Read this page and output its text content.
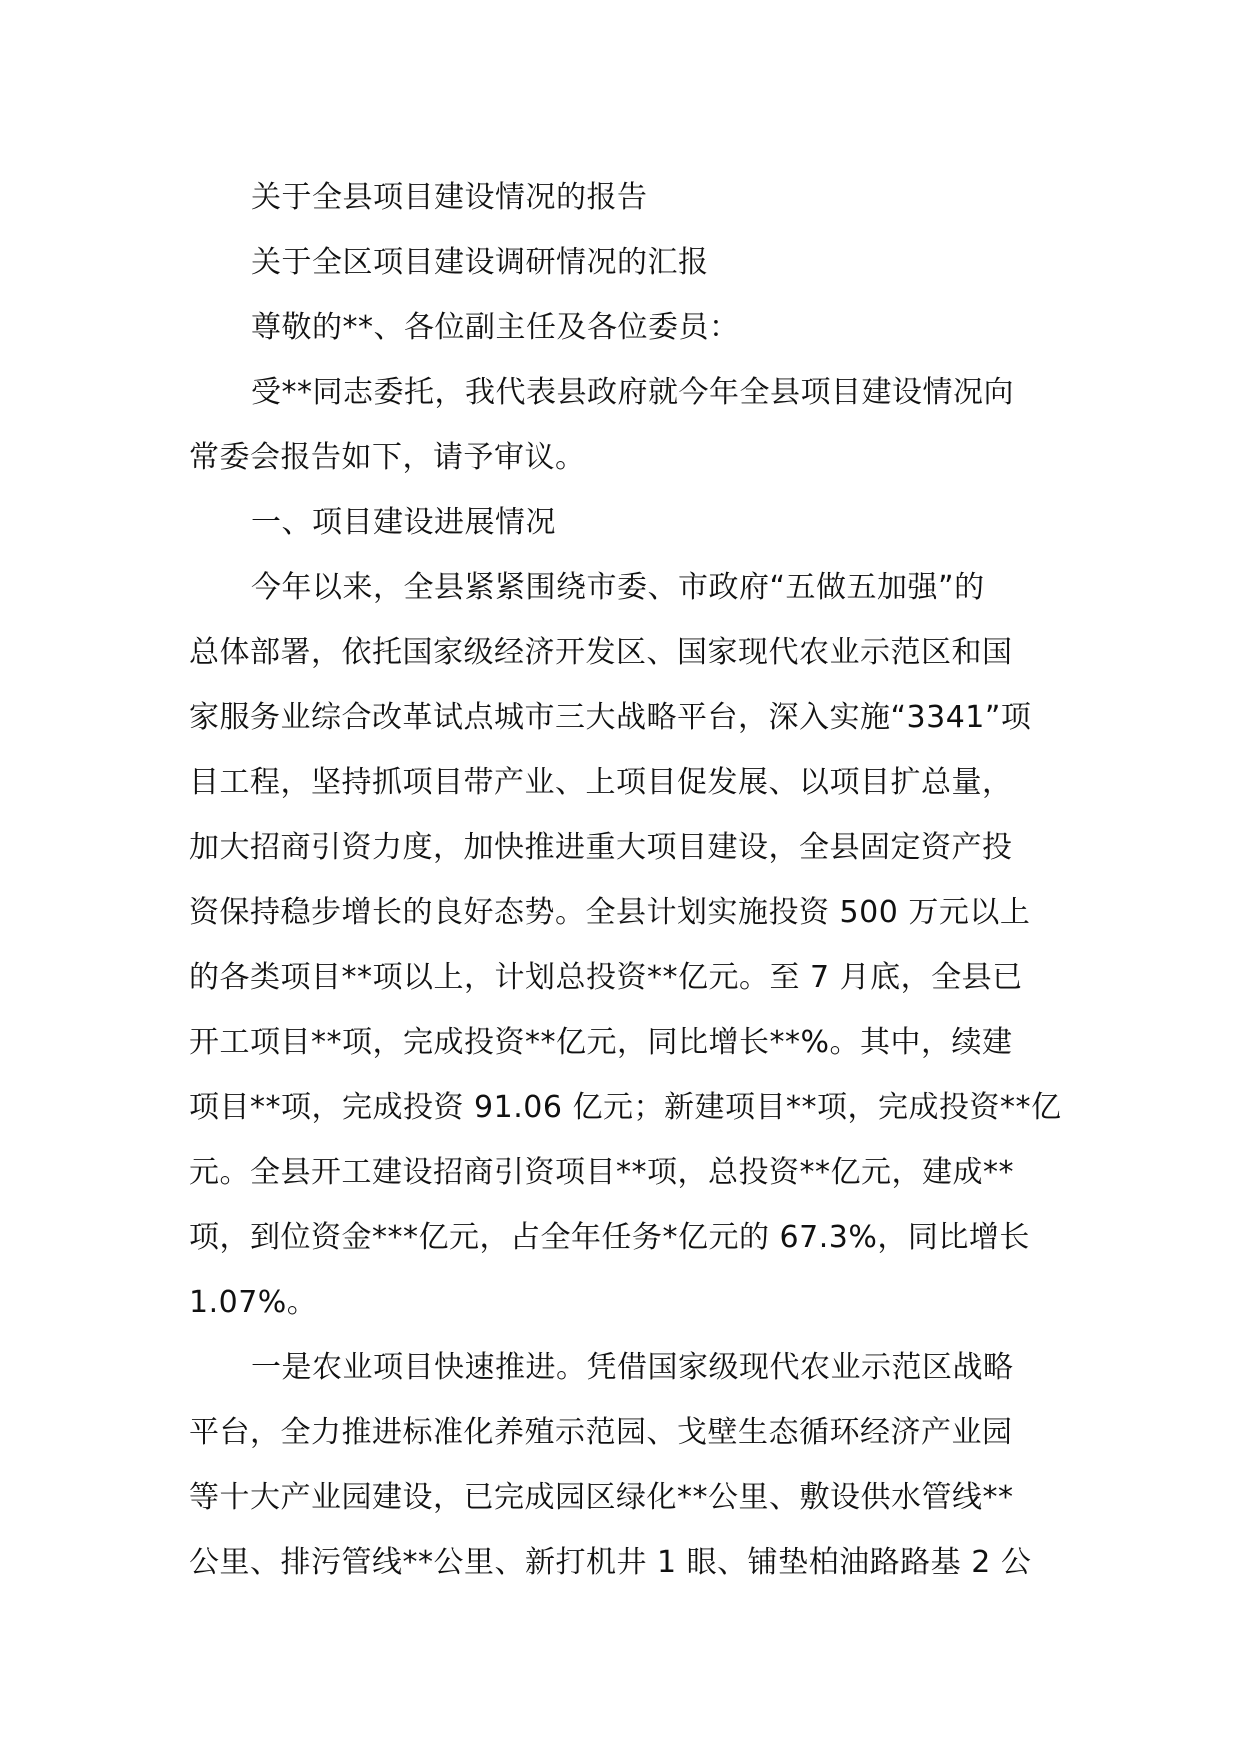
关于全县项目建设情况的报告
关于全区项目建设调研情况的汇报
尊敬的**、各位副主任及各位委员：
受**同志委托，我代表县政府就今年全县项目建设情况向
常委会报告如下，请予审议。
一、项目建设进展情况
今年以来，全县紧紧围绕市委、市政府“五做五加强”的
总体部署，依托国家级经济开发区、国家现代农业示范区和国
家服务业综合改革试点城市三大战略平台，深入实施“3341”项
目工程，坚持抓项目带产业、上项目促发展、以项目扩总量，
加大招商引资力度，加快推进重大项目建设，全县固定资产投
资保持稳步增长的良好态势。全县计划实施投资 500 万元以上
的各类项目**项以上，计划总投资**亿元。至 7 月底，全县已
开工项目**项，完成投资**亿元，同比增长**%。其中，续建
项目**项，完成投资 91.06 亿元；新建项目**项，完成投资**亿
元。全县开工建设招商引资项目**项，总投资**亿元，建成**
项，到位资金***亿元，占全年任务*亿元的 67.3%，同比增长
1.07%。
一是农业项目快速推进。凭借国家级现代农业示范区战略
平台，全力推进标准化养殖示范园、戈壁生态循环经济产业园
等十大产业园建设，已完成园区绿化**公里、敷设供水管线**
公里、排污管线**公里、新打机井 1 眼、铺垫柏油路路基 2 公
